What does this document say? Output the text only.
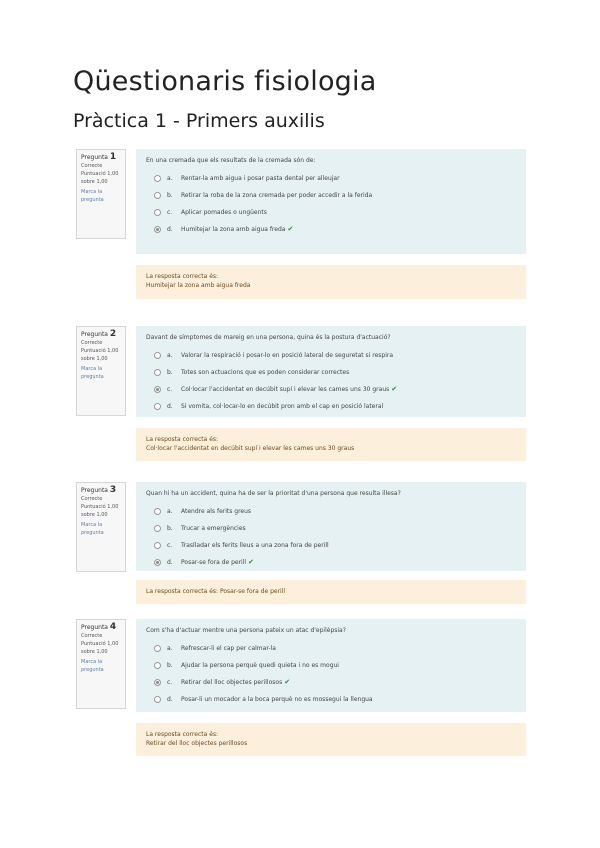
Qüestionaris fisiologia
Pràctica 1 - Primers auxilis
Pregunta 1
Correcte
Puntuació 1,00 sobre 1,00
Marca la pregunta
En una cremada que els resultats de la cremada són de:
a.	Rentar-la amb aigua i posar pasta dental per alleujar
b.	Retirar la roba de la zona cremada per poder accedir a la ferida
c.	Aplicar pomades o ungüents
d.	Humitejar la zona amb aigua freda ✔
La resposta correcta és:
Humitejar la zona amb aigua freda
Pregunta 2
Correcte
Puntuació 1,00 sobre 1,00
Marca la pregunta
Davant de símptomes de mareig en una persona, quina és la postura d'actuació?
a.	Valorar la respiració i posar-lo en posició lateral de seguretat si respira
b.	Totes son actuacions que es poden considerar correctes
c.	Col·locar l'accidentat en decúbit supí i elevar les cames uns 30 graus ✔
d.	Si vomita, col·locar-lo en decúbit pron amb el cap en posició lateral
La resposta correcta és:
Col·locar l'accidentat en decúbit supí i elevar les cames uns 30 graus
Pregunta 3
Correcte
Puntuació 1,00 sobre 1,00
Marca la pregunta
Quan hi ha un accident, quina ha de ser la prioritat d'una persona que resulta illesa?
a.	Atendre als ferits greus
b.	Trucar a emergències
c.	Traslladar els ferits lleus a una zona fora de perill
d.	Posar-se fora de perill ✔
La resposta correcta és: Posar-se fora de perill
Pregunta 4
Correcte
Puntuació 1,00 sobre 1,00
Marca la pregunta
Com s'ha d'actuar mentre una persona pateix un atac d'epilèpsia?
a.	Refrescar-li el cap per calmar-la
b.	Ajudar la persona perquè quedi quieta i no es mogui
c.	Retirar del lloc objectes perillosos ✔
d.	Posar-li un mocador a la boca perquè no es mossegui la llengua
La resposta correcta és:
Retirar del lloc objectes perillosos
